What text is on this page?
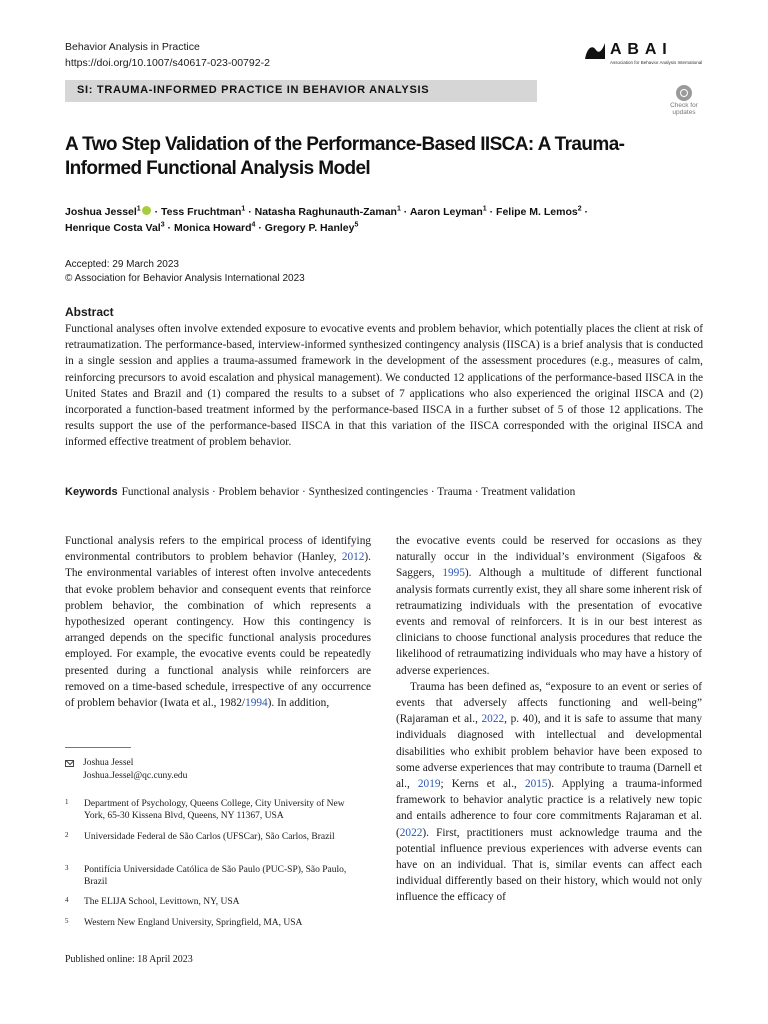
Behavior Analysis in Practice
https://doi.org/10.1007/s40617-023-00792-2
A B A I
Association for Behavior Analysis International
SI: TRAUMA-INFORMED PRACTICE IN BEHAVIOR ANALYSIS
Check for
updates
A Two Step Validation of the Performance-Based IISCA: A Trauma-Informed Functional Analysis Model
Joshua Jessel$^1$ · Tess Fruchtman$^1$ · Natasha Raghunauth-Zaman$^1$ · Aaron Leyman$^1$ · Felipe M. Lemos$^2$ ·
Henrique Costa Val$^3$ · Monica Howard$^4$ · Gregory P. Hanley$^5$
Accepted: 29 March 2023
© Association for Behavior Analysis International 2023
Abstract
Functional analyses often involve extended exposure to evocative events and problem behavior, which potentially places the client at risk of retraumatization. The performance-based, interview-informed synthesized contingency analysis (IISCA) is a brief analysis that is conducted in a single session and applies a trauma-assumed framework in the development of the assessment procedures (e.g., measures of calm, reinforcing precursors to avoid escalation and physical management). We conducted 12 applications of the performance-based IISCA in the United States and Brazil and (1) compared the results to a subset of 7 applications who also experienced the original IISCA and (2) incorporated a function-based treatment informed by the performance-based IISCA in a further subset of 5 of those 12 applications. The results support the use of the performance-based IISCA in that this variation of the IISCA corresponded with the original IISCA and informed effective treatment of problem behavior.
Keywords Functional analysis · Problem behavior · Synthesized contingencies · Trauma · Treatment validation
Functional analysis refers to the empirical process of identifying environmental contributors to problem behavior (Hanley, 2012). The environmental variables of interest often involve antecedents that evoke problem behavior and consequent events that reinforce problem behavior, the combination of which represents a hypothesized operant contingency. How this contingency is arranged depends on the specific functional analysis procedures employed. For example, the evocative events could be repeatedly presented during a functional analysis while reinforcers are removed on a time-based schedule, irrespective of any occurrence of problem behavior (Iwata et al., 1982/1994). In addition,

the evocative events could be reserved for occasions as they naturally occur in the individual’s environment (Sigafoos & Saggers, 1995). Although a multitude of different functional analysis formats currently exist, they all share some inherent risk of retraumatizing individuals with the presentation of evocative events and removal of reinforcers. It is in our best interest as clinicians to choose functional analysis procedures that reduce the likelihood of retraumatizing individuals who may have a history of adverse experiences.

Trauma has been defined as, “exposure to an event or series of events that adversely affects functioning and well-being” (Rajaraman et al., 2022, p. 40), and it is safe to assume that many individuals diagnosed with intellectual and developmental disabilities who exhibit problem behavior have been exposed to some adverse experiences that may contribute to trauma (Darnell et al., 2019; Kerns et al., 2015). Applying a trauma-informed framework to behavior analytic practice is a relatively new topic and entails adherence to four core commitments Rajaraman et al. (2022). First, practitioners must acknowledge trauma and the potential influence previous experiences with adverse events can have on an individual. That is, similar events can affect each individual differently based on their history, which would not only influence the efficacy of

Joshua Jessel
Joshua.Jessel@qc.cuny.edu
1 Department of Psychology, Queens College, City University of New York, 65-30 Kissena Blvd, Queens, NY 11367, USA
2 Universidade Federal de São Carlos (UFSCar), São Carlos, Brazil
3 Pontifícia Universidade Católica de São Paulo (PUC-SP), São Paulo, Brazil
4 The ELIJA School, Levittown, NY, USA
5 Western New England University, Springfield, MA, USA
Published online: 18 April 2023
